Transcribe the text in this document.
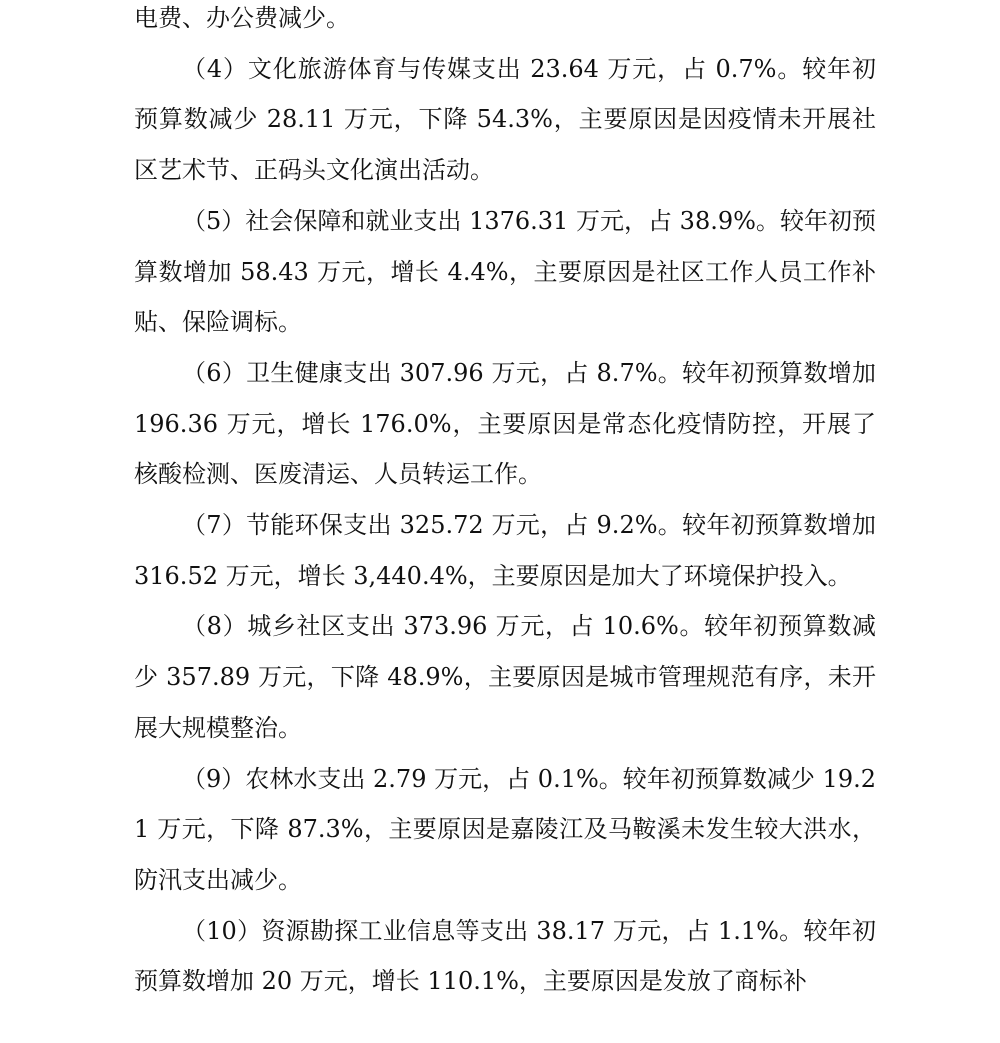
电费、办公费减少。

（4）文化旅游体育与传媒支出 23.64 万元，占 0.7%。较年初预算数减少 28.11 万元，下降 54.3%，主要原因是因疫情未开展社区艺术节、正码头文化演出活动。

（5）社会保障和就业支出 1376.31 万元，占 38.9%。较年初预算数增加 58.43 万元，增长 4.4%，主要原因是社区工作人员工作补贴、保险调标。

（6）卫生健康支出 307.96 万元，占 8.7%。较年初预算数增加 196.36 万元，增长 176.0%，主要原因是常态化疫情防控，开展了核酸检测、医废清运、人员转运工作。

（7）节能环保支出 325.72 万元，占 9.2%。较年初预算数增加 316.52 万元，增长 3,440.4%，主要原因是加大了环境保护投入。

（8）城乡社区支出 373.96 万元，占 10.6%。较年初预算数减少 357.89 万元，下降 48.9%，主要原因是城市管理规范有序，未开展大规模整治。

（9）农林水支出 2.79 万元，占 0.1%。较年初预算数减少 19.21 万元，下降 87.3%，主要原因是嘉陵江及马鞍溪未发生较大洪水，防汛支出减少。

（10）资源勘探工业信息等支出 38.17 万元，占 1.1%。较年初预算数增加 20 万元，增长 110.1%，主要原因是发放了商标补
